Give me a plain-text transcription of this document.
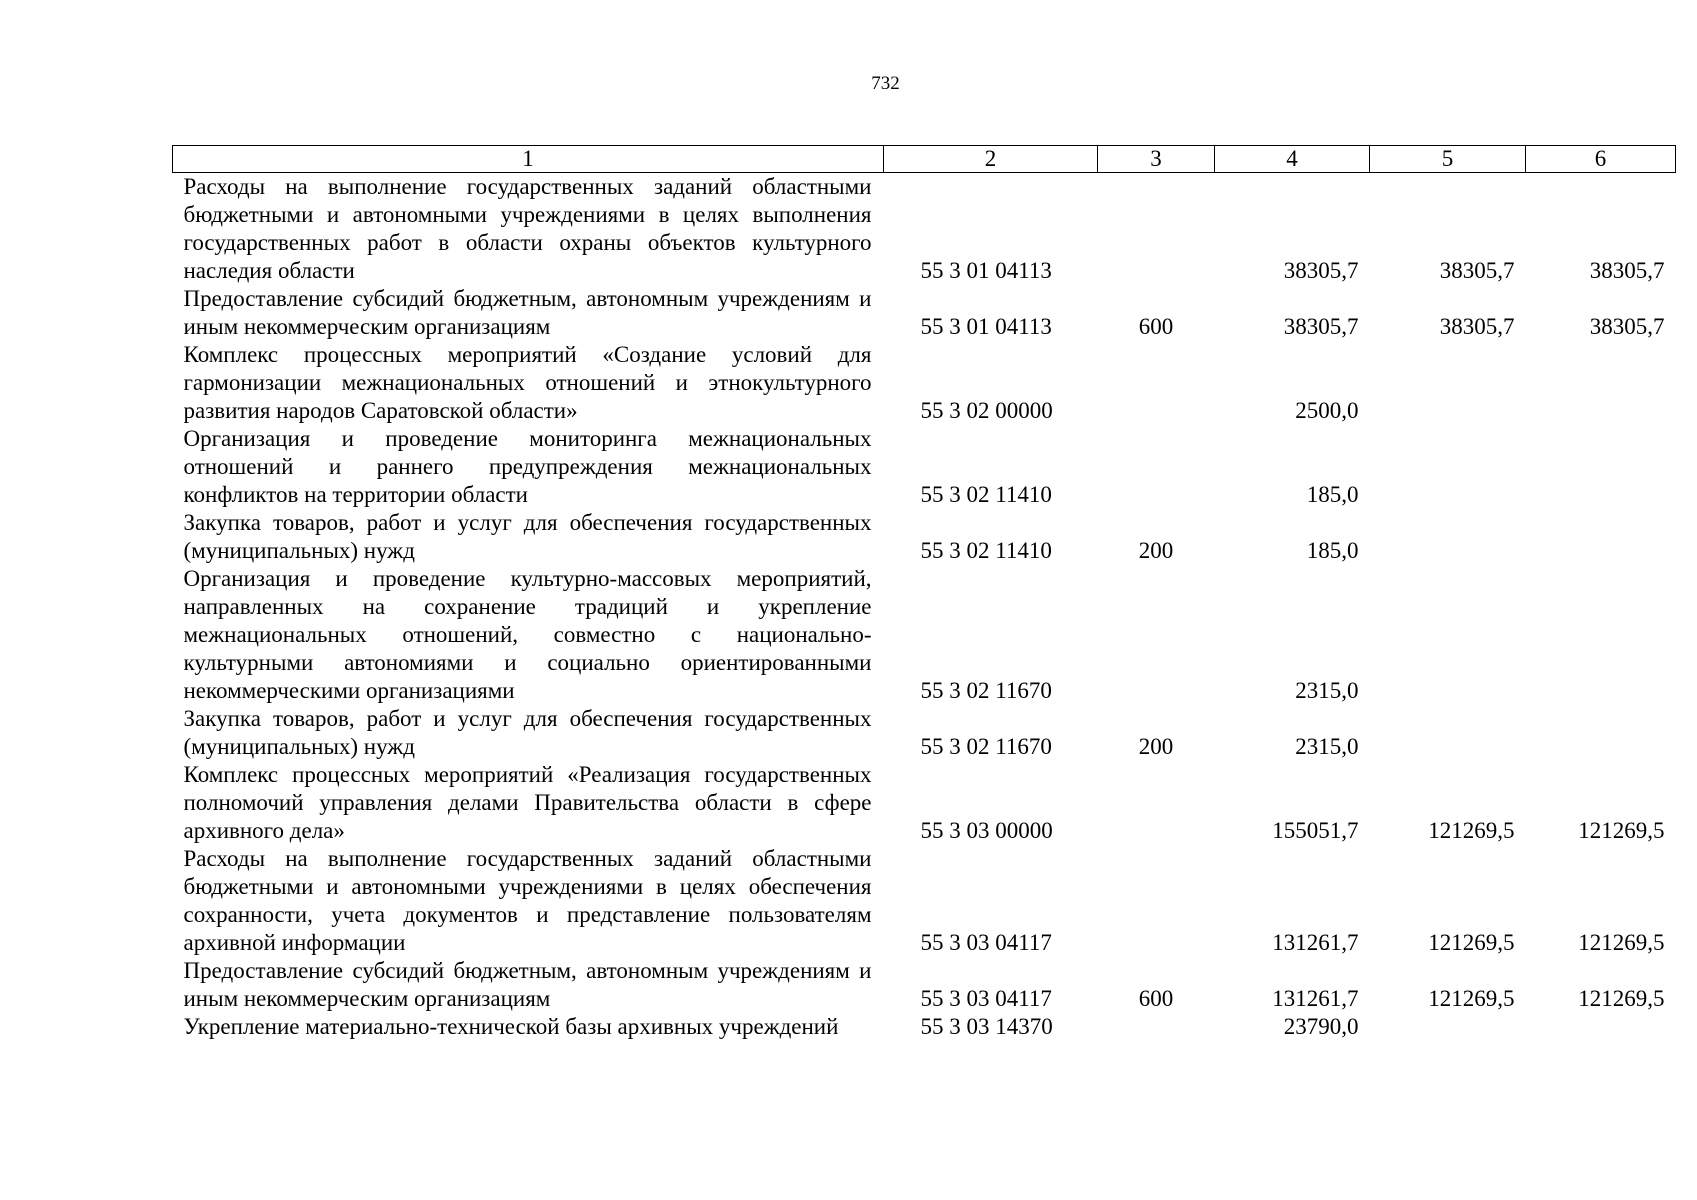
732
1	2	3	4	5	6
Расходы на выполнение государственных заданий областными бюджетными и автономными учреждениями в целях выполнения государственных работ в области охраны объектов культурного наследия области	55 3 01 04113		38305,7	38305,7	38305,7
Предоставление субсидий бюджетным, автономным учреждениям и иным некоммерческим организациям	55 3 01 04113	600	38305,7	38305,7	38305,7
Комплекс процессных мероприятий «Создание условий для гармонизации межнациональных отношений и этнокультурного развития народов Саратовской области»	55 3 02 00000		2500,0		
Организация и проведение мониторинга межнациональных отношений и раннего предупреждения межнациональных конфликтов на территории области	55 3 02 11410		185,0		
Закупка товаров, работ и услуг для обеспечения государственных (муниципальных) нужд	55 3 02 11410	200	185,0		
Организация и проведение культурно-массовых мероприятий, направленных на сохранение традиций и укрепление межнациональных отношений, совместно с национально-культурными автономиями и социально ориентированными некоммерческими организациями	55 3 02 11670		2315,0		
Закупка товаров, работ и услуг для обеспечения государственных (муниципальных) нужд	55 3 02 11670	200	2315,0		
Комплекс процессных мероприятий «Реализация государственных полномочий управления делами Правительства области в сфере архивного дела»	55 3 03 00000		155051,7	121269,5	121269,5
Расходы на выполнение государственных заданий областными бюджетными и автономными учреждениями в целях обеспечения сохранности, учета документов и представление пользователям архивной информации	55 3 03 04117		131261,7	121269,5	121269,5
Предоставление субсидий бюджетным, автономным учреждениям и иным некоммерческим организациям	55 3 03 04117	600	131261,7	121269,5	121269,5
Укрепление материально-технической базы архивных учреждений	55 3 03 14370		23790,0		
